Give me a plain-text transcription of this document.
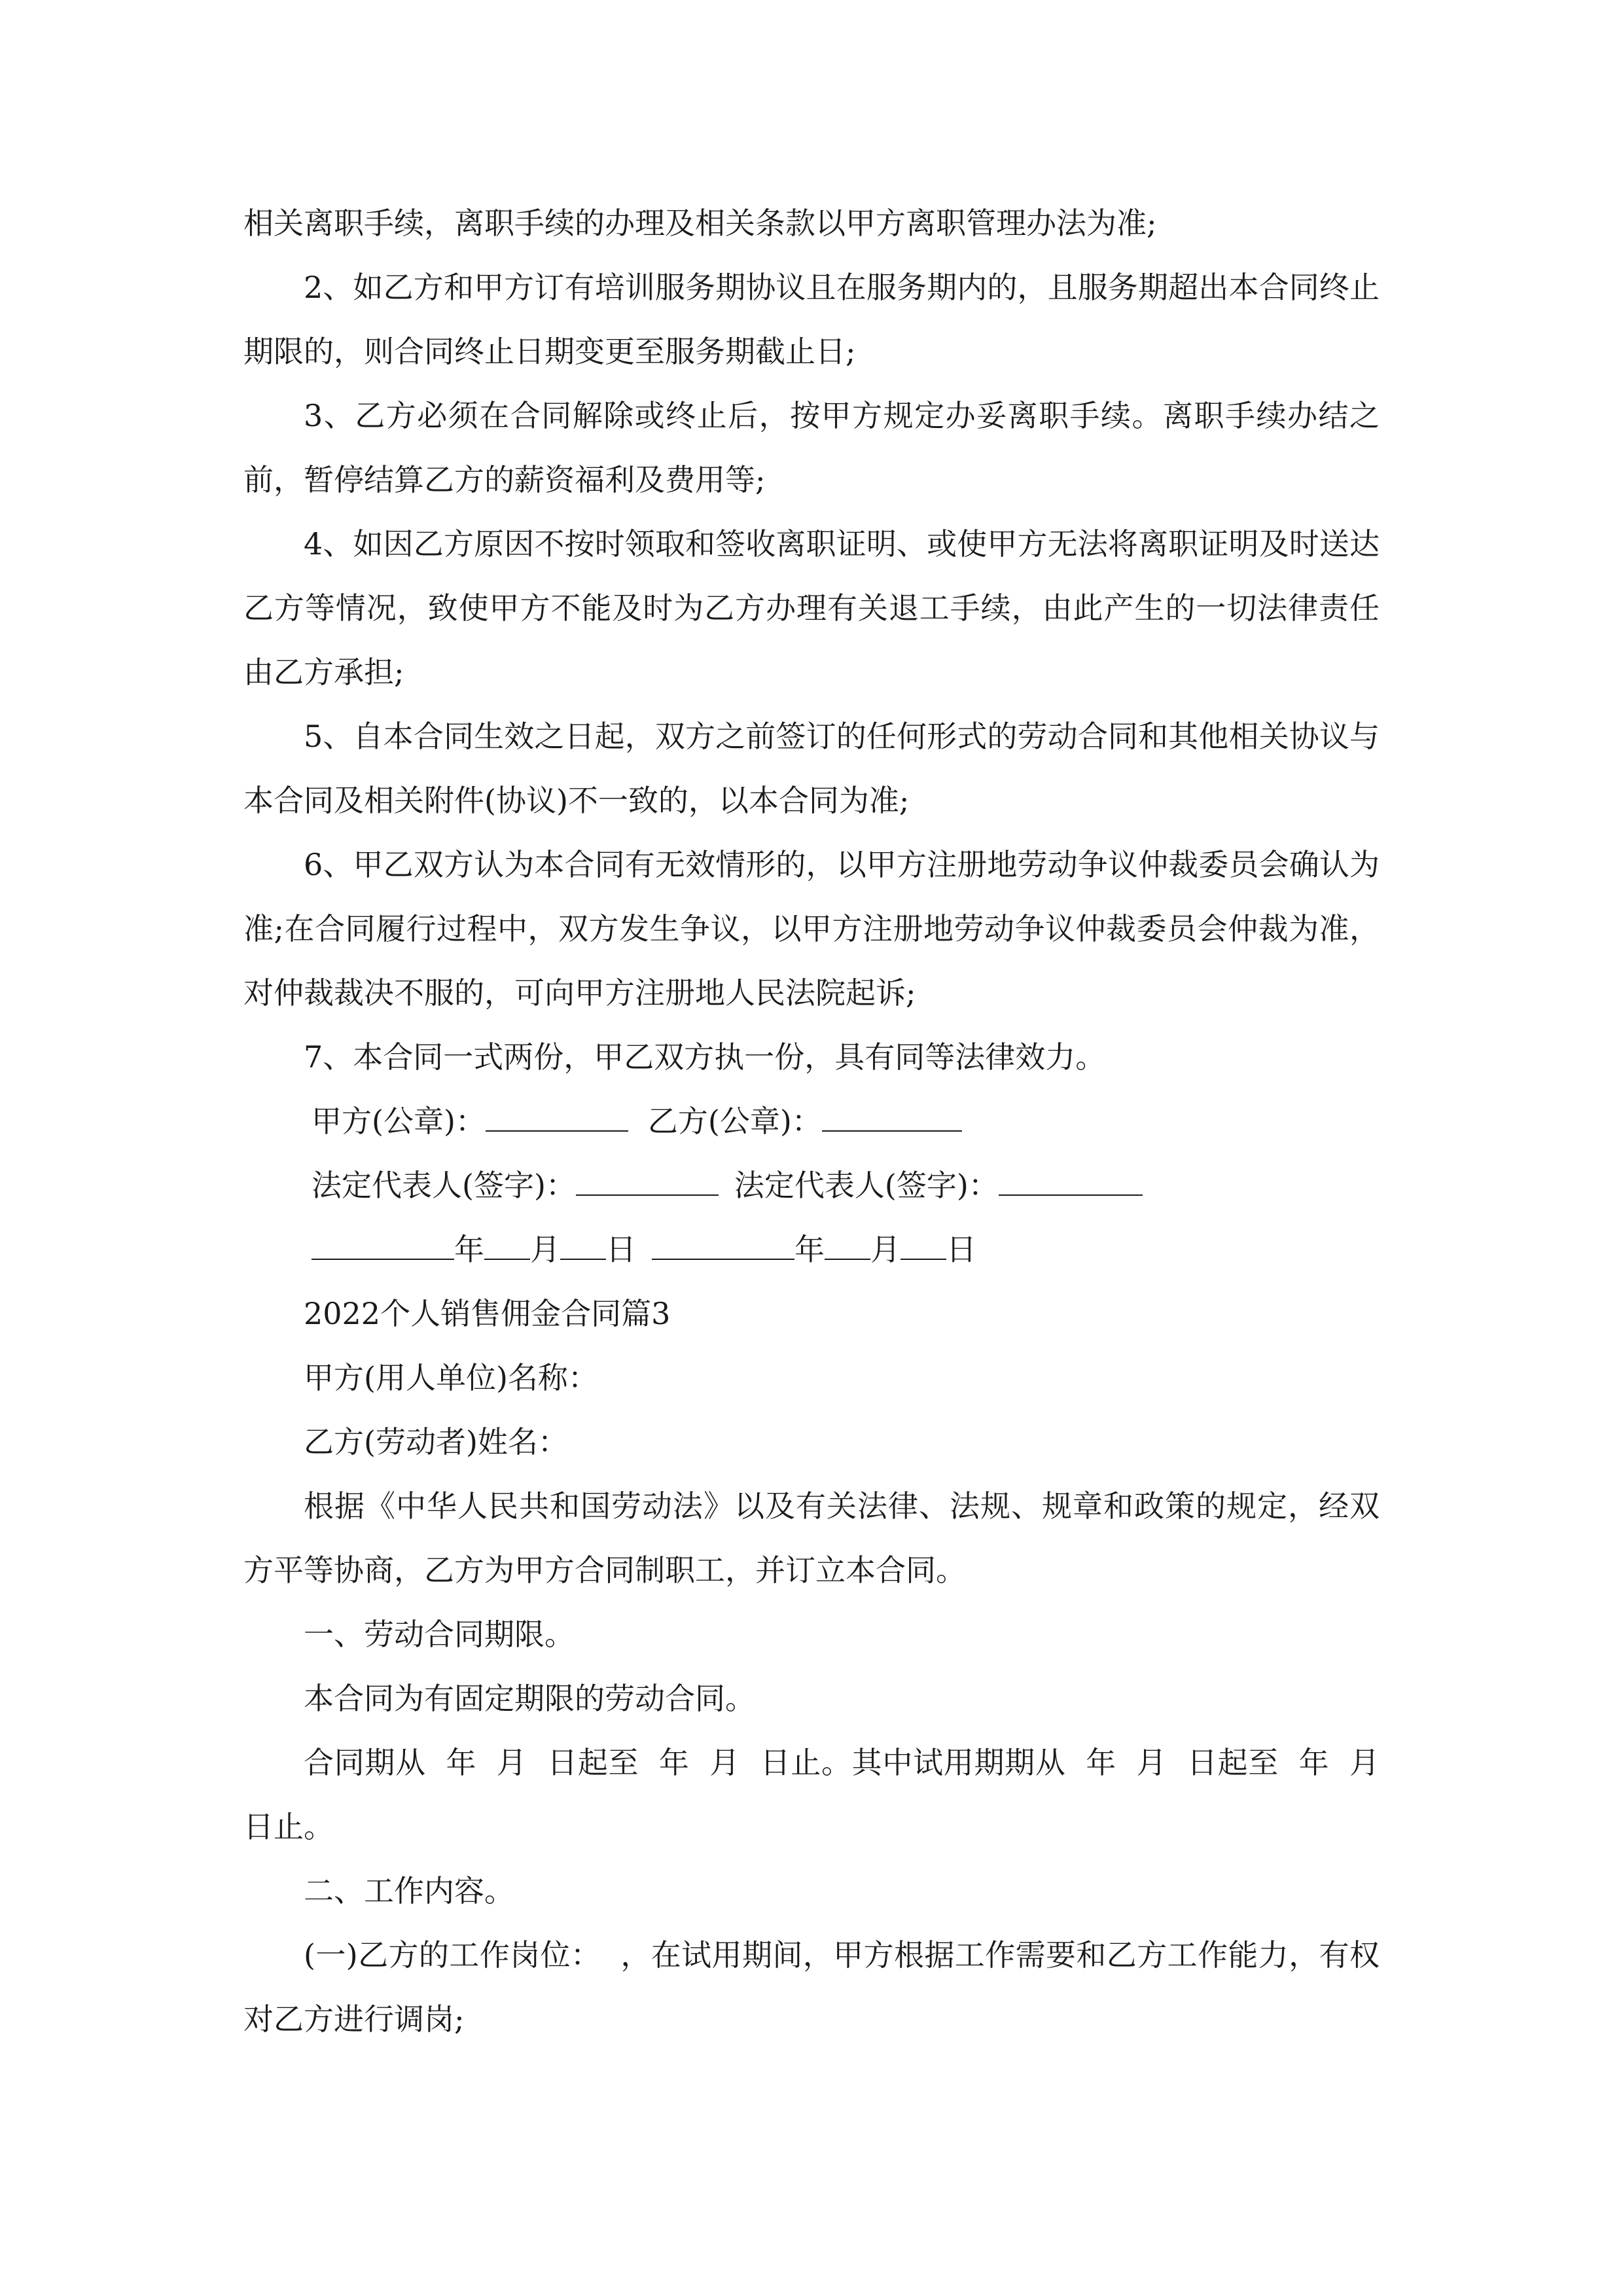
相关离职手续，离职手续的办理及相关条款以甲方离职管理办法为准;

2、如乙方和甲方订有培训服务期协议且在服务期内的，且服务期超出本合同终止期限的，则合同终止日期变更至服务期截止日;

3、乙方必须在合同解除或终止后，按甲方规定办妥离职手续。离职手续办结之前，暂停结算乙方的薪资福利及费用等;

4、如因乙方原因不按时领取和签收离职证明、或使甲方无法将离职证明及时送达乙方等情况，致使甲方不能及时为乙方办理有关退工手续，由此产生的一切法律责任由乙方承担;

5、自本合同生效之日起，双方之前签订的任何形式的劳动合同和其他相关协议与本合同及相关附件(协议)不一致的，以本合同为准;

6、甲乙双方认为本合同有无效情形的，以甲方注册地劳动争议仲裁委员会确认为准;在合同履行过程中，双方发生争议，以甲方注册地劳动争议仲裁委员会仲裁为准，对仲裁裁决不服的，可向甲方注册地人民法院起诉;

7、本合同一式两份，甲乙双方执一份，具有同等法律效力。

甲方(公章)：	乙方(公章)：

法定代表人(签字)：	法定代表人(签字)：

年 月 日	年 月 日

2022个人销售佣金合同篇3

甲方(用人单位)名称：

乙方(劳动者)姓名：

根据《中华人民共和国劳动法》以及有关法律、法规、规章和政策的规定，经双方平等协商，乙方为甲方合同制职工，并订立本合同。

一、劳动合同期限。

本合同为有固定期限的劳动合同。

合同期从  年  月  日起至  年  月  日止。其中试用期期从  年  月  日起至  年  月  日止。

二、工作内容。

(一)乙方的工作岗位：  ，在试用期间，甲方根据工作需要和乙方工作能力，有权对乙方进行调岗;
